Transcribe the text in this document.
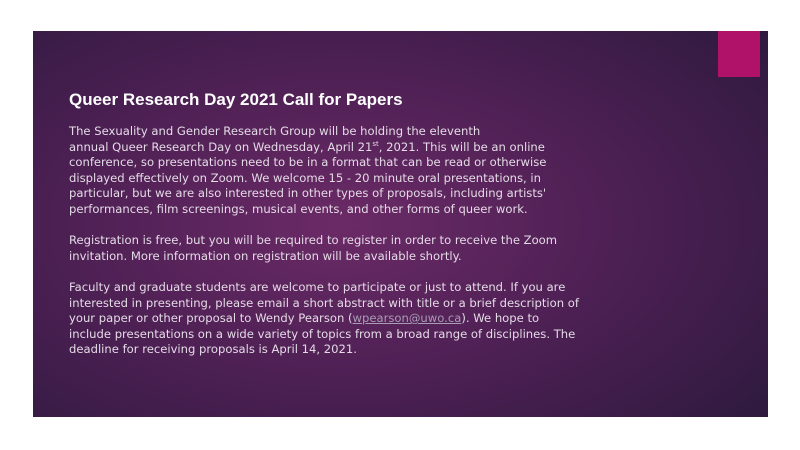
Queer Research Day 2021 Call for Papers

The Sexuality and Gender Research Group will be holding the eleventh
annual Queer Research Day on Wednesday, April 21st, 2021. This will be an online
conference, so presentations need to be in a format that can be read or otherwise
displayed effectively on Zoom. We welcome 15 - 20 minute oral presentations, in
particular, but we are also interested in other types of proposals, including artists'
performances, film screenings, musical events, and other forms of queer work.

Registration is free, but you will be required to register in order to receive the Zoom
invitation. More information on registration will be available shortly.

Faculty and graduate students are welcome to participate or just to attend. If you are
interested in presenting, please email a short abstract with title or a brief description of
your paper or other proposal to Wendy Pearson (wpearson@uwo.ca). We hope to
include presentations on a wide variety of topics from a broad range of disciplines. The
deadline for receiving proposals is April 14, 2021.
